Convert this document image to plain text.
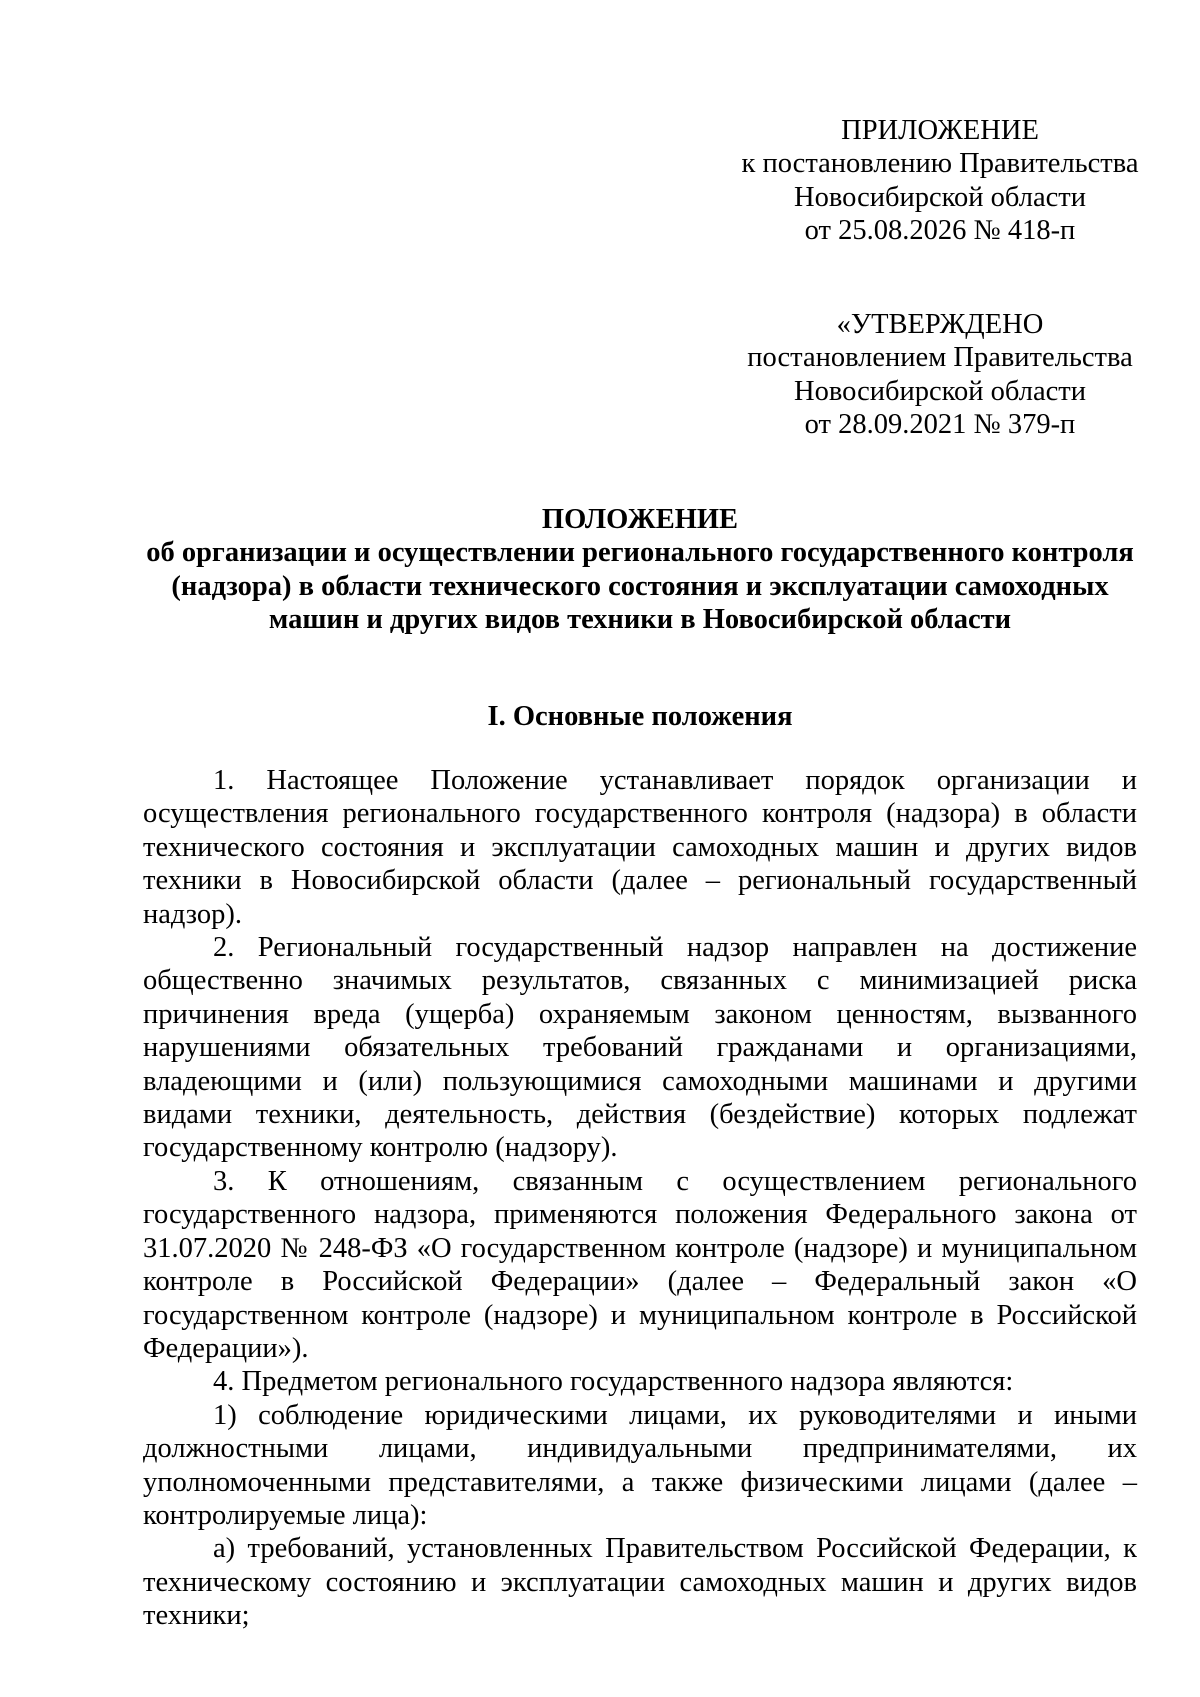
ПРИЛОЖЕНИЕ
к постановлению Правительства
Новосибирской области
от 25.08.2026 № 418-п
«УТВЕРЖДЕНО
постановлением Правительства
Новосибирской области
от 28.09.2021 № 379-п
ПОЛОЖЕНИЕ
об организации и осуществлении регионального государственного контроля
(надзора) в области технического состояния и эксплуатации самоходных
машин и других видов техники в Новосибирской области
I. Основные положения

1. Настоящее Положение устанавливает порядок организации и осуществления регионального государственного контроля (надзора) в области технического состояния и эксплуатации самоходных машин и других видов техники в Новосибирской области (далее – региональный государственный надзор).

2. Региональный государственный надзор направлен на достижение общественно значимых результатов, связанных с минимизацией риска причинения вреда (ущерба) охраняемым законом ценностям, вызванного нарушениями обязательных требований гражданами и организациями, владеющими и (или) пользующимися самоходными машинами и другими видами техники, деятельность, действия (бездействие) которых подлежат государственному контролю (надзору).

3. К отношениям, связанным с осуществлением регионального государственного надзора, применяются положения Федерального закона от 31.07.2020 № 248-ФЗ «О государственном контроле (надзоре) и муниципальном контроле в Российской Федерации» (далее – Федеральный закон «О государственном контроле (надзоре) и муниципальном контроле в Российской Федерации»).

4. Предметом регионального государственного надзора являются:

1) соблюдение юридическими лицами, их руководителями и иными должностными лицами, индивидуальными предпринимателями, их уполномоченными представителями, а также физическими лицами (далее – контролируемые лица):

а) требований, установленных Правительством Российской Федерации, к техническому состоянию и эксплуатации самоходных машин и других видов техники;
